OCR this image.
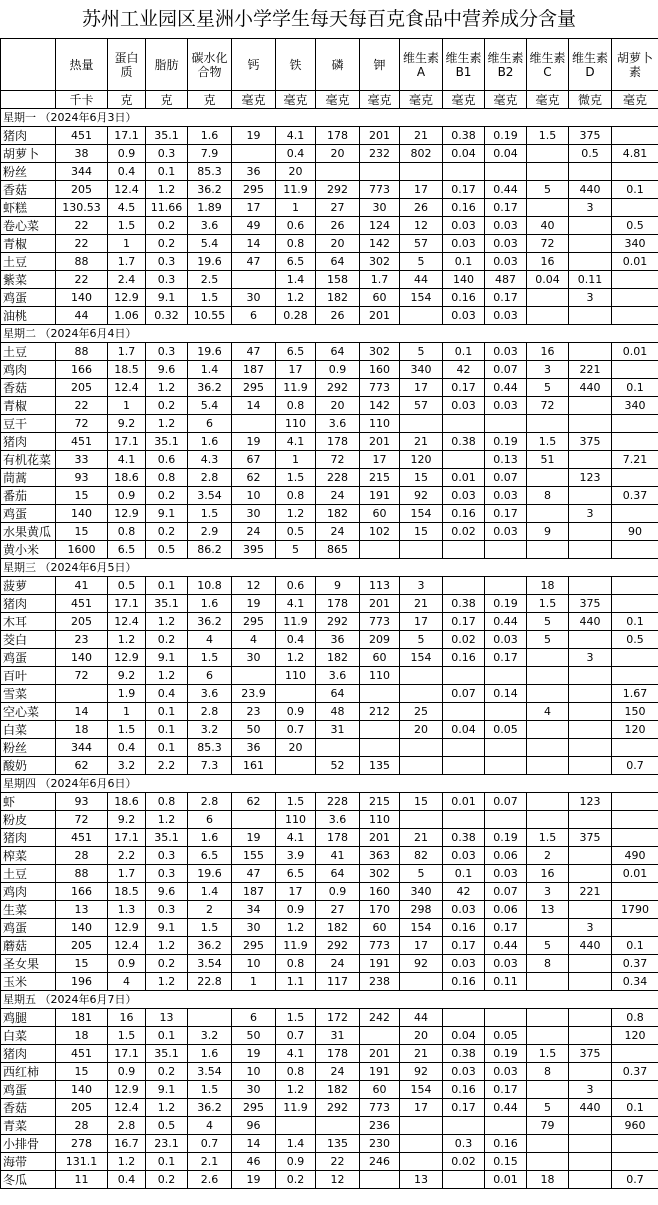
苏州工业园区星洲小学学生每天每百克食品中营养成分含量
	热量	蛋白质	脂肪	碳水化合物	钙	铁	磷	钾	维生素A	维生素B1	维生素B2	维生素C	维生素D	胡萝卜素
	千卡	克	克	克	毫克	毫克	毫克	毫克	毫克	毫克	毫克	毫克	微克	毫克
星期一 （2024年6月3日）														
猪肉	451	17.1	35.1	1.6	19	4.1	178	201	21	0.38	0.19	1.5	375	
胡萝卜	38	0.9	0.3	7.9		0.4	20	232	802	0.04	0.04		0.5	4.81
粉丝	344	0.4	0.1	85.3	36	20								
香菇	205	12.4	1.2	36.2	295	11.9	292	773	17	0.17	0.44	5	440	0.1
虾糕	130.53	4.5	11.66	1.89	17	1	27	30	26	0.16	0.17		3	
卷心菜	22	1.5	0.2	3.6	49	0.6	26	124	12	0.03	0.03	40		0.5
青椒	22	1	0.2	5.4	14	0.8	20	142	57	0.03	0.03	72		340
土豆	88	1.7	0.3	19.6	47	6.5	64	302	5	0.1	0.03	16		0.01
紫菜	22	2.4	0.3	2.5		1.4	158	1.7	44	140	487	0.04	0.11	
鸡蛋	140	12.9	9.1	1.5	30	1.2	182	60	154	0.16	0.17		3	
油桃	44	1.06	0.32	10.55	6	0.28	26	201		0.03	0.03			
星期二 （2024年6月4日）														
土豆	88	1.7	0.3	19.6	47	6.5	64	302	5	0.1	0.03	16		0.01
鸡肉	166	18.5	9.6	1.4	187	17	0.9	160	340	42	0.07	3	221	
香菇	205	12.4	1.2	36.2	295	11.9	292	773	17	0.17	0.44	5	440	0.1
青椒	22	1	0.2	5.4	14	0.8	20	142	57	0.03	0.03	72		340
豆干	72	9.2	1.2	6		110	3.6	110						
猪肉	451	17.1	35.1	1.6	19	4.1	178	201	21	0.38	0.19	1.5	375	
有机花菜	33	4.1	0.6	4.3	67	1	72	17	120		0.13	51		7.21
茼蒿	93	18.6	0.8	2.8	62	1.5	228	215	15	0.01	0.07		123	
番茄	15	0.9	0.2	3.54	10	0.8	24	191	92	0.03	0.03	8		0.37
鸡蛋	140	12.9	9.1	1.5	30	1.2	182	60	154	0.16	0.17		3	
水果黄瓜	15	0.8	0.2	2.9	24	0.5	24	102	15	0.02	0.03	9		90
黄小米	1600	6.5	0.5	86.2	395	5	865							
星期三 （2024年6月5日）														
菠萝	41	0.5	0.1	10.8	12	0.6	9	113	3			18		
猪肉	451	17.1	35.1	1.6	19	4.1	178	201	21	0.38	0.19	1.5	375	
木耳	205	12.4	1.2	36.2	295	11.9	292	773	17	0.17	0.44	5	440	0.1
茭白	23	1.2	0.2	4	4	0.4	36	209	5	0.02	0.03	5		0.5
鸡蛋	140	12.9	9.1	1.5	30	1.2	182	60	154	0.16	0.17		3	
百叶	72	9.2	1.2	6		110	3.6	110						
雪菜		1.9	0.4	3.6	23.9		64			0.07	0.14			1.67
空心菜	14	1	0.1	2.8	23	0.9	48	212	25			4		150
白菜	18	1.5	0.1	3.2	50	0.7	31		20	0.04	0.05			120
粉丝	344	0.4	0.1	85.3	36	20								
酸奶	62	3.2	2.2	7.3	161		52	135						0.7
星期四 （2024年6月6日）														
虾	93	18.6	0.8	2.8	62	1.5	228	215	15	0.01	0.07		123	
粉皮	72	9.2	1.2	6		110	3.6	110						
猪肉	451	17.1	35.1	1.6	19	4.1	178	201	21	0.38	0.19	1.5	375	
榨菜	28	2.2	0.3	6.5	155	3.9	41	363	82	0.03	0.06	2		490
土豆	88	1.7	0.3	19.6	47	6.5	64	302	5	0.1	0.03	16		0.01
鸡肉	166	18.5	9.6	1.4	187	17	0.9	160	340	42	0.07	3	221	
生菜	13	1.3	0.3	2	34	0.9	27	170	298	0.03	0.06	13		1790
鸡蛋	140	12.9	9.1	1.5	30	1.2	182	60	154	0.16	0.17		3	
蘑菇	205	12.4	1.2	36.2	295	11.9	292	773	17	0.17	0.44	5	440	0.1
圣女果	15	0.9	0.2	3.54	10	0.8	24	191	92	0.03	0.03	8		0.37
玉米	196	4	1.2	22.8	1	1.1	117	238		0.16	0.11			0.34
星期五 （2024年6月7日）														
鸡腿	181	16	13		6	1.5	172	242	44					0.8
白菜	18	1.5	0.1	3.2	50	0.7	31		20	0.04	0.05			120
猪肉	451	17.1	35.1	1.6	19	4.1	178	201	21	0.38	0.19	1.5	375	
西红柿	15	0.9	0.2	3.54	10	0.8	24	191	92	0.03	0.03	8		0.37
鸡蛋	140	12.9	9.1	1.5	30	1.2	182	60	154	0.16	0.17		3	
香菇	205	12.4	1.2	36.2	295	11.9	292	773	17	0.17	0.44	5	440	0.1
青菜	28	2.8	0.5	4	96			236				79		960
小排骨	278	16.7	23.1	0.7	14	1.4	135	230		0.3	0.16			
海带	131.1	1.2	0.1	2.1	46	0.9	22	246		0.02	0.15			
冬瓜	11	0.4	0.2	2.6	19	0.2	12		13		0.01	18		0.7
